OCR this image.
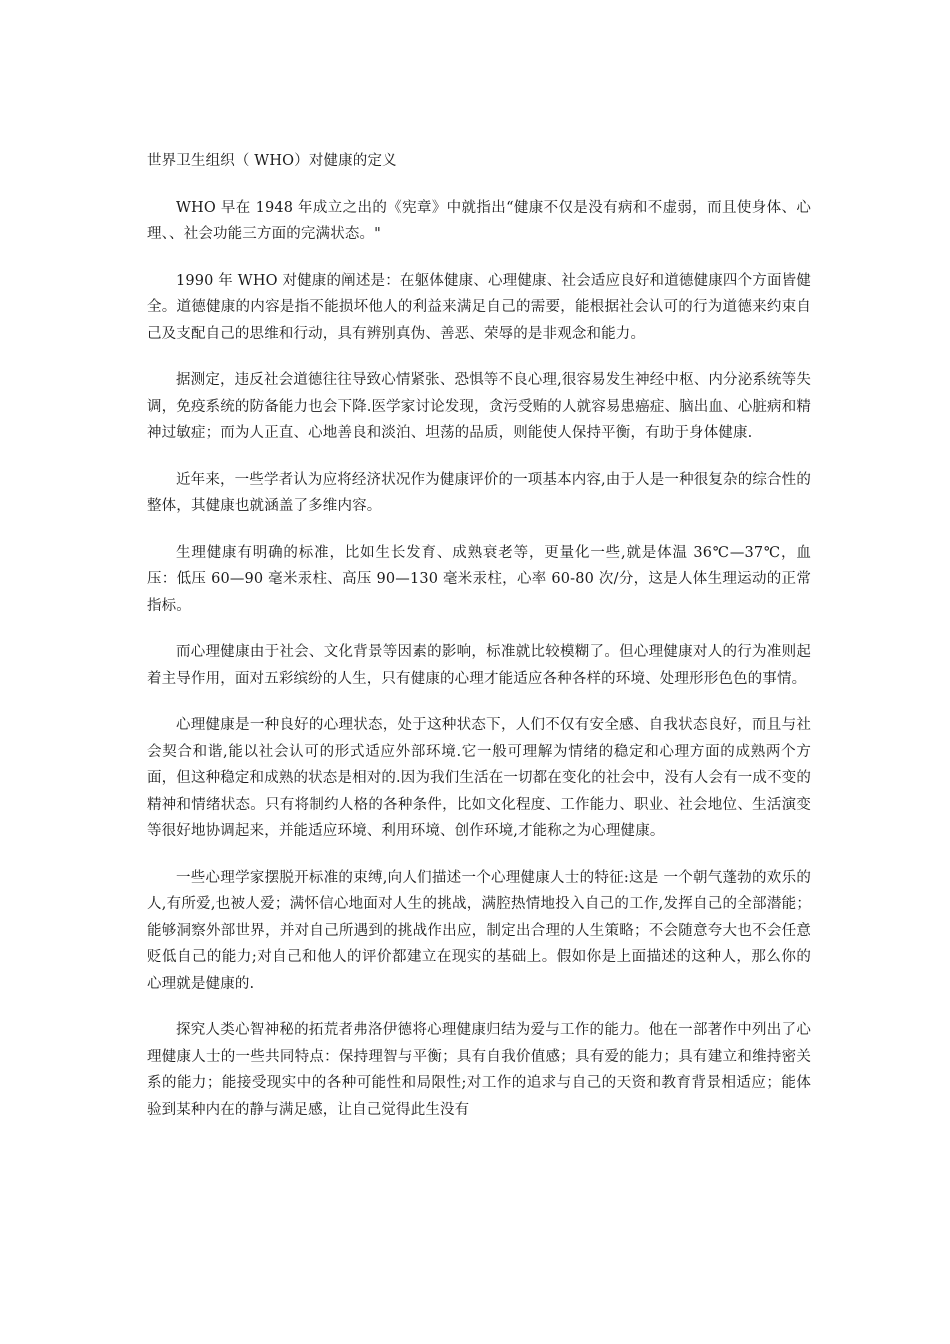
世界卫生组织（ WHO）对健康的定义

WHO 早在 1948 年成立之出的《宪章》中就指出“健康不仅是没有病和不虚弱，而且使身体、心理、、社会功能三方面的完满状态。"

1990 年 WHO 对健康的阐述是：在躯体健康、心理健康、社会适应良好和道德健康四个方面皆健全。道德健康的内容是指不能损坏他人的利益来满足自己的需要，能根据社会认可的行为道德来约束自己及支配自己的思维和行动，具有辨别真伪、善恶、荣辱的是非观念和能力。

据测定，违反社会道德往往导致心情紧张、恐惧等不良心理,很容易发生神经中枢、内分泌系统等失调，免疫系统的防备能力也会下降.医学家讨论发现，贪污受贿的人就容易患癌症、脑出血、心脏病和精神过敏症；而为人正直、心地善良和淡泊、坦荡的品质，则能使人保持平衡，有助于身体健康.

近年来，一些学者认为应将经济状况作为健康评价的一项基本内容,由于人是一种很复杂的综合性的整体，其健康也就涵盖了多维内容。

生理健康有明确的标准，比如生长发育、成熟衰老等，更量化一些,就是体温 36℃—37℃，血压：低压 60—90 毫米汞柱、高压 90—130 毫米汞柱，心率 60-80 次/分，这是人体生理运动的正常指标。

而心理健康由于社会、文化背景等因素的影响，标准就比较模糊了。但心理健康对人的行为准则起着主导作用，面对五彩缤纷的人生，只有健康的心理才能适应各种各样的环境、处理形形色色的事情。

心理健康是一种良好的心理状态，处于这种状态下，人们不仅有安全感、自我状态良好，而且与社会契合和谐,能以社会认可的形式适应外部环境.它一般可理解为情绪的稳定和心理方面的成熟两个方面，但这种稳定和成熟的状态是相对的.因为我们生活在一切都在变化的社会中，没有人会有一成不变的精神和情绪状态。只有将制约人格的各种条件，比如文化程度、工作能力、职业、社会地位、生活演变等很好地协调起来，并能适应环境、利用环境、创作环境,才能称之为心理健康。

一些心理学家摆脱开标准的束缚,向人们描述一个心理健康人士的特征:这是 一个朝气蓬勃的欢乐的人,有所爱,也被人爱；满怀信心地面对人生的挑战，满腔热情地投入自己的工作,发挥自己的全部潜能；能够洞察外部世界，并对自己所遇到的挑战作出应，制定出合理的人生策略；不会随意夸大也不会任意贬低自己的能力;对自己和他人的评价都建立在现实的基础上。假如你是上面描述的这种人，那么你的心理就是健康的.

探究人类心智神秘的拓荒者弗洛伊德将心理健康归结为爱与工作的能力。他在一部著作中列出了心理健康人士的一些共同特点：保持理智与平衡；具有自我价值感；具有爱的能力；具有建立和维持密关系的能力；能接受现实中的各种可能性和局限性;对工作的追求与自己的天资和教育背景相适应；能体验到某种内在的静与满足感，让自己觉得此生没有
